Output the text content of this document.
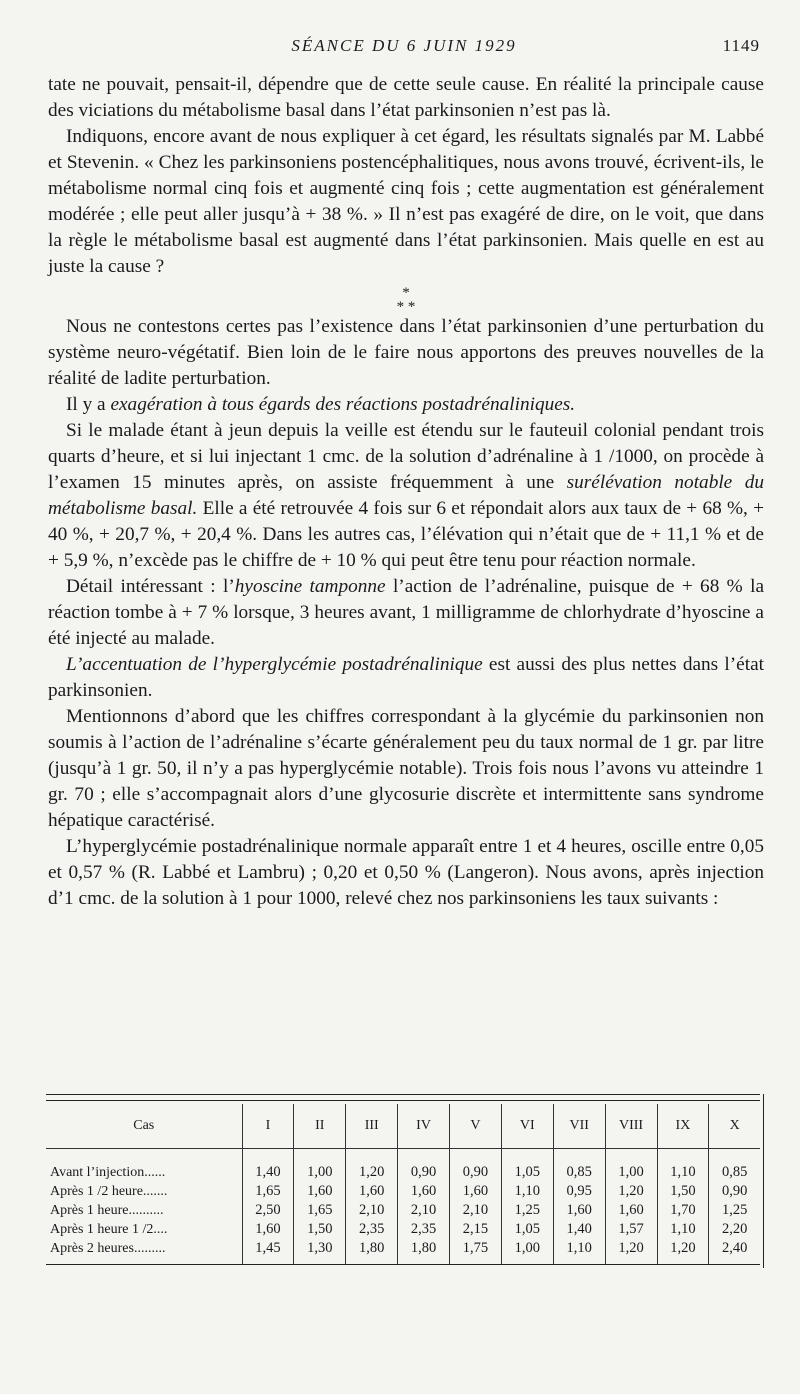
SÉANCE DU 6 JUIN 1929	1149

tate ne pouvait, pensait-il, dépendre que de cette seule cause. En réalité la principale cause des viciations du métabolisme basal dans l’état parkinsonien n’est pas là.

Indiquons, encore avant de nous expliquer à cet égard, les résultats signalés par M. Labbé et Stevenin. « Chez les parkinsoniens postencéphalitiques, nous avons trouvé, écrivent-ils, le métabolisme normal cinq fois et augmenté cinq fois ; cette augmentation est généralement modérée ; elle peut aller jusqu’à + 38 %. » Il n’est pas exagéré de dire, on le voit, que dans la règle le métabolisme basal est augmenté dans l’état parkinsonien. Mais quelle en est au juste la cause ?

*
* *

Nous ne contestons certes pas l’existence dans l’état parkinsonien d’une perturbation du système neuro-végétatif. Bien loin de le faire nous apportons des preuves nouvelles de la réalité de ladite perturbation.

Il y a exagération à tous égards des réactions postadrénaliniques.

Si le malade étant à jeun depuis la veille est étendu sur le fauteuil colonial pendant trois quarts d’heure, et si lui injectant 1 cmc. de la solution d’adrénaline à 1 /1000, on procède à l’examen 15 minutes après, on assiste fréquemment à une surélévation notable du métabolisme basal. Elle a été retrouvée 4 fois sur 6 et répondait alors aux taux de + 68 %, + 40 %, + 20,7 %, + 20,4 %. Dans les autres cas, l’élévation qui n’était que de + 11,1 % et de + 5,9 %, n’excède pas le chiffre de + 10 % qui peut être tenu pour réaction normale.

Détail intéressant : l’hyoscine tamponne l’action de l’adrénaline, puisque de + 68 % la réaction tombe à + 7 % lorsque, 3 heures avant, 1 milligramme de chlorhydrate d’hyoscine a été injecté au malade.

L’accentuation de l’hyperglycémie postadrénalinique est aussi des plus nettes dans l’état parkinsonien.

Mentionnons d’abord que les chiffres correspondant à la glycémie du parkinsonien non soumis à l’action de l’adrénaline s’écarte généralement peu du taux normal de 1 gr. par litre (jusqu’à 1 gr. 50, il n’y a pas hyperglycémie notable). Trois fois nous l’avons vu atteindre 1 gr. 70 ; elle s’accompagnait alors d’une glycosurie discrète et intermittente sans syndrome hépatique caractérisé.

L’hyperglycémie postadrénalinique normale apparaît entre 1 et 4 heures, oscille entre 0,05 et 0,57 % (R. Labbé et Lambru) ; 0,20 et 0,50 % (Langeron). Nous avons, après injection d’1 cmc. de la solution à 1 pour 1000, relevé chez nos parkinsoniens les taux suivants :

Cas	I	II	III	IV	V	VI	VII	VIII	IX	X
Avant l’injection......	1,40	1,00	1,20	0,90	0,90	1,05	0,85	1,00	1,10	0,85
Après 1 /2 heure.......	1,65	1,60	1,60	1,60	1,60	1,10	0,95	1,20	1,50	0,90
Après 1 heure..........	2,50	1,65	2,10	2,10	2,10	1,25	1,60	1,60	1,70	1,25
Après 1 heure 1 /2....	1,60	1,50	2,35	2,35	2,15	1,05	1,40	1,57	1,10	2,20
Après 2 heures.........	1,45	1,30	1,80	1,80	1,75	1,00	1,10	1,20	1,20	2,40
